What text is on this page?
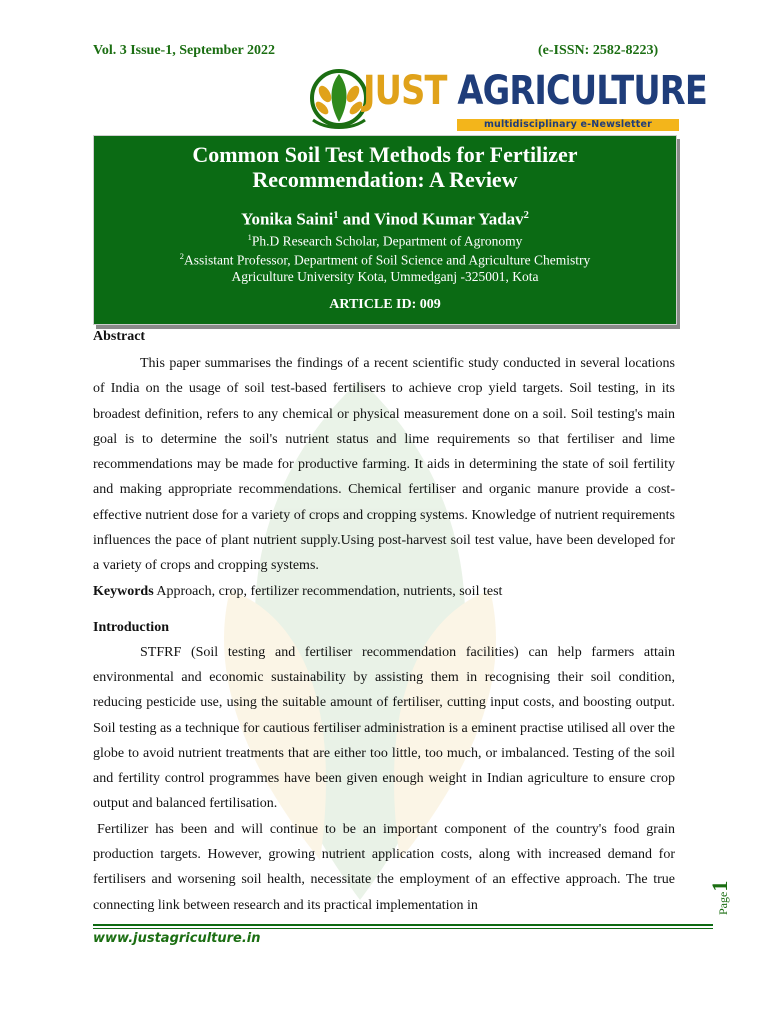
Vol. 3 Issue-1, September 2022	(e-ISSN: 2582-8223)
JUST AGRICULTURE
multidisciplinary e-Newsletter
Common Soil Test Methods for Fertilizer
Recommendation: A Review
Yonika Saini$^1$ and Vinod Kumar Yadav$^2$
$^1$Ph.D Research Scholar, Department of Agronomy
$^2$Assistant Professor, Department of Soil Science and Agriculture Chemistry
Agriculture University Kota, Ummedganj -325001, Kota
ARTICLE ID: 009

Abstract

This paper summarises the findings of a recent scientific study conducted in several locations of India on the usage of soil test-based fertilisers to achieve crop yield targets. Soil testing, in its broadest definition, refers to any chemical or physical measurement done on a soil. Soil testing's main goal is to determine the soil's nutrient status and lime requirements so that fertiliser and lime recommendations may be made for productive farming. It aids in determining the state of soil fertility and making appropriate recommendations. Chemical fertiliser and organic manure provide a cost-effective nutrient dose for a variety of crops and cropping systems. Knowledge of nutrient requirements influences the pace of plant nutrient supply.Using post-harvest soil test value, have been developed for a variety of crops and cropping systems.

Keywords Approach, crop, fertilizer recommendation, nutrients, soil test

Introduction

STFRF (Soil testing and fertiliser recommendation facilities) can help farmers attain environmental and economic sustainability by assisting them in recognising their soil condition, reducing pesticide use, using the suitable amount of fertiliser, cutting input costs, and boosting output. Soil testing as a technique for cautious fertiliser administration is a eminent practise utilised all over the globe to avoid nutrient treatments that are either too little, too much, or imbalanced. Testing of the soil and fertility control programmes have been given enough weight in Indian agriculture to ensure crop output and balanced fertilisation.

Fertilizer has been and will continue to be an important component of the country's food grain production targets. However, growing nutrient application costs, along with increased demand for fertilisers and worsening soil health, necessitate the employment of an effective approach. The true connecting link between research and its practical implementation in

www.justagriculture.in
Page1
